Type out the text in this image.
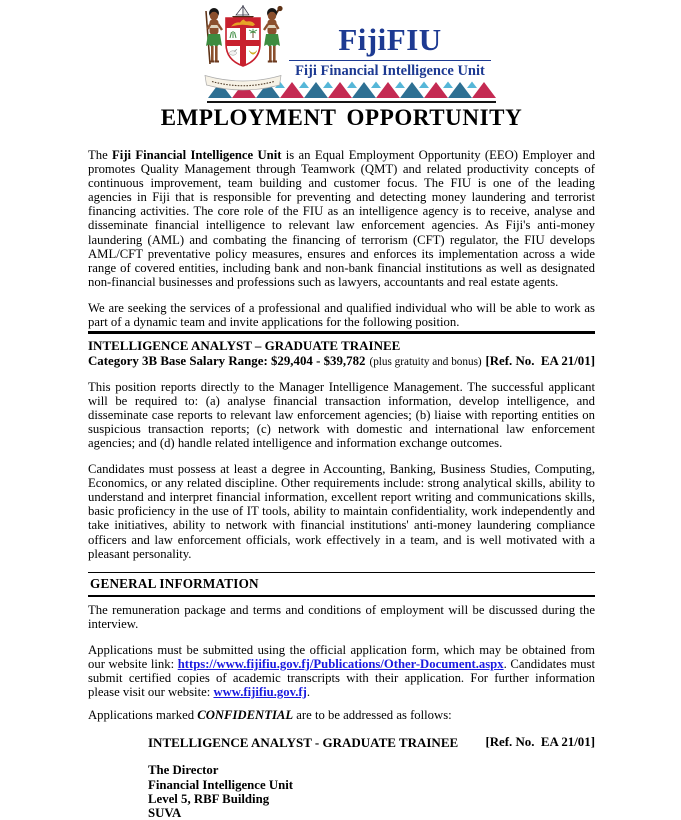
FijiFIU
Fiji Financial Intelligence Unit
EMPLOYMENT OPPORTUNITY

The Fiji Financial Intelligence Unit is an Equal Employment Opportunity (EEO) Employer and promotes Quality Management through Teamwork (QMT) and related productivity concepts of continuous improvement, team building and customer focus. The FIU is one of the leading agencies in Fiji that is responsible for preventing and detecting money laundering and terrorist financing activities. The core role of the FIU as an intelligence agency is to receive, analyse and disseminate financial intelligence to relevant law enforcement agencies. As Fiji's anti-money laundering (AML) and combating the financing of terrorism (CFT) regulator, the FIU develops AML/CFT preventative policy measures, ensures and enforces its implementation across a wide range of covered entities, including bank and non-bank financial institutions as well as designated non-financial businesses and professions such as lawyers, accountants and real estate agents.

We are seeking the services of a professional and qualified individual who will be able to work as part of a dynamic team and invite applications for the following position.

INTELLIGENCE ANALYST – GRADUATE TRAINEE
Category 3B Base Salary Range: $29,404 - $39,782 (plus gratuity and bonus) [Ref. No.  EA 21/01]

This position reports directly to the Manager Intelligence Management. The successful applicant will be required to: (a) analyse financial transaction information, develop intelligence, and disseminate case reports to relevant law enforcement agencies; (b) liaise with reporting entities on suspicious transaction reports; (c) network with domestic and international law enforcement agencies; and (d) handle related intelligence and information exchange outcomes.

Candidates must possess at least a degree in Accounting, Banking, Business Studies, Computing, Economics, or any related discipline. Other requirements include: strong analytical skills, ability to understand and interpret financial information, excellent report writing and communications skills, basic proficiency in the use of IT tools, ability to maintain confidentiality, work independently and take initiatives, ability to network with financial institutions' anti-money laundering compliance officers and law enforcement officials, work effectively in a team, and is well motivated with a pleasant personality.

GENERAL INFORMATION

The remuneration package and terms and conditions of employment will be discussed during the interview.

Applications must be submitted using the official application form, which may be obtained from our website link: https://www.fijifiu.gov.fj/Publications/Other-Document.aspx. Candidates must submit certified copies of academic transcripts with their application. For further information please visit our website: www.fijifiu.gov.fj.

Applications marked CONFIDENTIAL are to be addressed as follows:

INTELLIGENCE ANALYST - GRADUATE TRAINEE [Ref. No.  EA 21/01]
The Director
Financial Intelligence Unit
Level 5, RBF Building
SUVA
